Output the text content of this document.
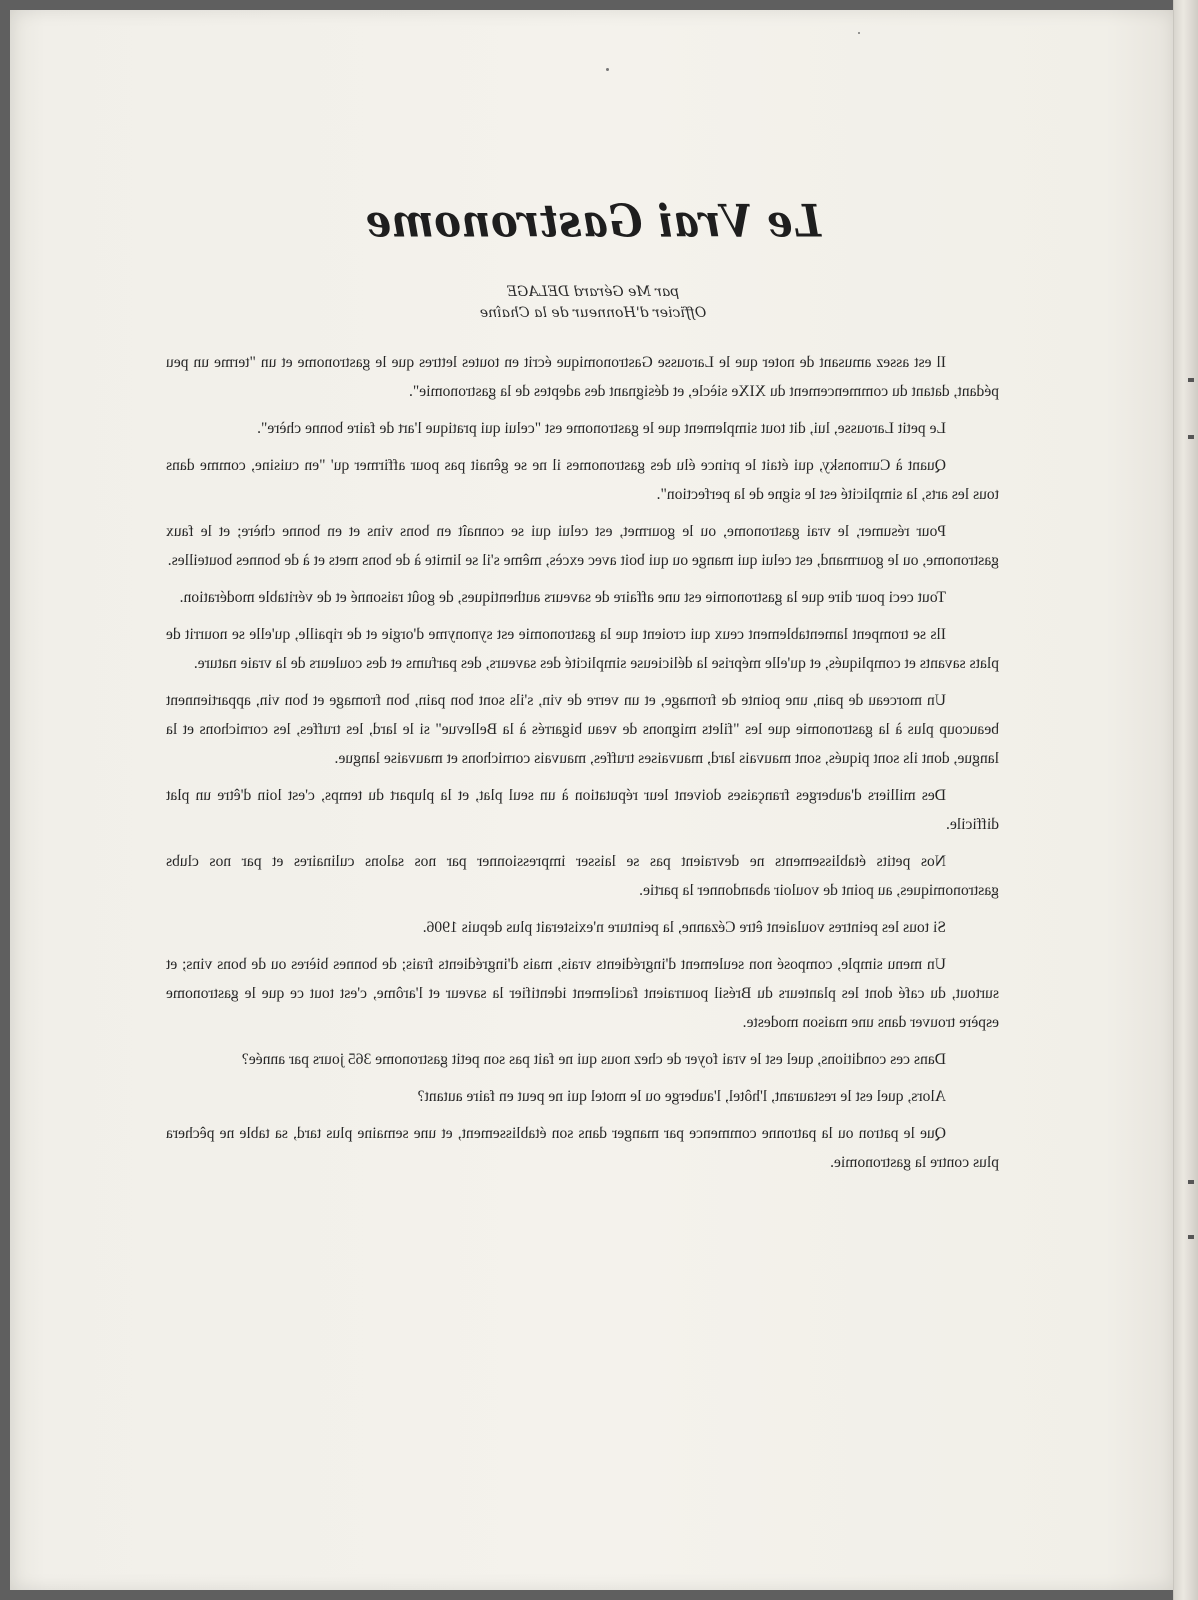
Le Vrai Gastronome
par Me Gérard DELAGE
Officier d'Honneur de la Chaîne

Il est assez amusant de noter que le Larousse Gastronomique écrit en toutes lettres que le gastronome et un "terme un peu pédant, datant du commencement du XIXe siècle, et désignant des adeptes de la gastronomie".

Le petit Larousse, lui, dit tout simplement que le gastronome est "celui qui pratique l'art de faire bonne chère".

Quant à Curnonsky, qui était le prince élu des gastronomes il ne se gênait pas pour affirmer qu' "en cuisine, comme dans tous les arts, la simplicité est le signe de la perfection".

Pour résumer, le vrai gastronome, ou le gourmet, est celui qui se connaît en bons vins et en bonne chère; et le faux gastronome, ou le gourmand, est celui qui mange ou qui boit avec excès, même s'il se limite à de bons mets et à de bonnes bouteilles.

Tout ceci pour dire que la gastronomie est une affaire de saveurs authentiques, de goût raisonné et de véritable modération.

Ils se trompent lamentablement ceux qui croient que la gastronomie est synonyme d'orgie et de ripaille, qu'elle se nourrit de plats savants et compliqués, et qu'elle méprise la délicieuse simplicité des saveurs, des parfums et des couleurs de la vraie nature.

Un morceau de pain, une pointe de fromage, et un verre de vin, s'ils sont bon pain, bon fromage et bon vin, appartiennent beaucoup plus à la gastronomie que les "filets mignons de veau bigarrés à la Bellevue" si le lard, les truffes, les cornichons et la langue, dont ils sont piqués, sont mauvais lard, mauvaises truffes, mauvais cornichons et mauvaise langue.

Des milliers d'auberges françaises doivent leur réputation à un seul plat, et la plupart du temps, c'est loin d'être un plat difficile.

Nos petits établissements ne devraient pas se laisser impressionner par nos salons culinaires et par nos clubs gastronomiques, au point de vouloir abandonner la partie.

Si tous les peintres voulaient être Cézanne, la peinture n'existerait plus depuis 1906.

Un menu simple, composé non seulement d'ingrédients vrais, mais d'ingrédients frais; de bonnes bières ou de bons vins; et surtout, du café dont les planteurs du Brésil pourraient facilement identifier la saveur et l'arôme, c'est tout ce que le gastronome espère trouver dans une maison modeste.

Dans ces conditions, quel est le vrai foyer de chez nous qui ne fait pas son petit gastronome 365 jours par année?

Alors, quel est le restaurant, l'hôtel, l'auberge ou le motel qui ne peut en faire autant?

Que le patron ou la patronne commence par manger dans son établissement, et une semaine plus tard, sa table ne pêchera plus contre la gastronomie.
